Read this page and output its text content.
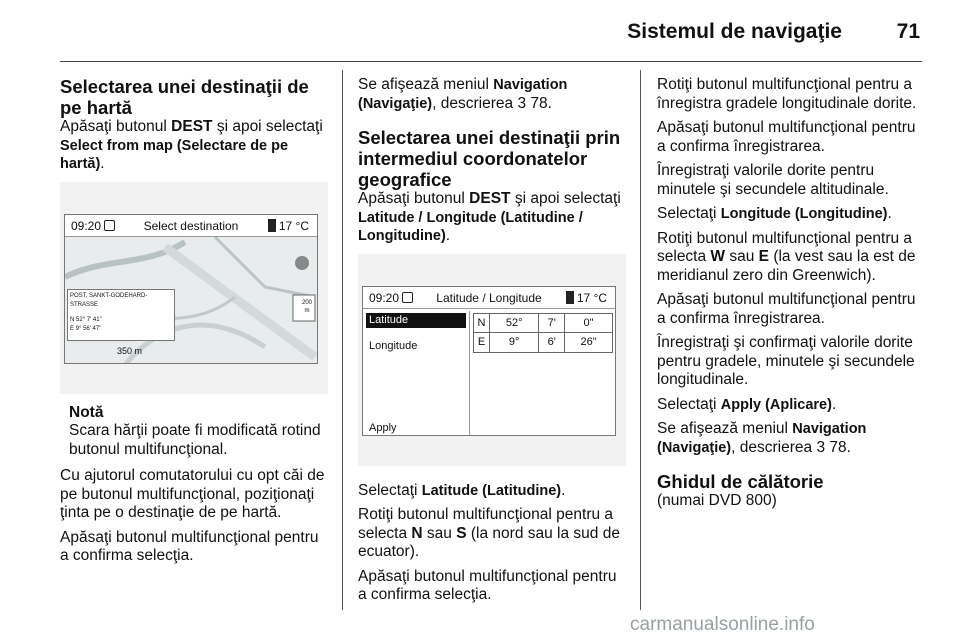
Sistemul de navigaţie	71
Selectarea unei destinaţii de pe hartă

Apăsaţi butonul DEST şi apoi selectaţi Select from map (Selectare de pe hartă).

09:20	Select destination	17 °C
POST, SANKT-GODEHARD-STRASSE
N 52° 7' 41"
E 9° 56' 47"
350 m
200
m
Notă
Scara hărţii poate fi modificată rotind butonul multifuncţional.

Cu ajutorul comutatorului cu opt căi de pe butonul multifuncţional, poziţionaţi ţinta pe o destinaţie de pe hartă.

Apăsaţi butonul multifuncţional pentru a confirma selecţia.

Se afişează meniul Navigation (Navigaţie), descrierea 3 78.

Selectarea unei destinaţii prin intermediul coordonatelor geografice

Apăsaţi butonul DEST şi apoi selectaţi Latitude / Longitude (Latitudine / Longitudine).

09:20	Latitude / Longitude	17 °C
Latitude
Longitude
Apply
N	52°	7'	0"
E	9°	6'	26"

Selectaţi Latitude (Latitudine).

Rotiţi butonul multifuncţional pentru a selecta N sau S (la nord sau la sud de ecuator).

Apăsaţi butonul multifuncţional pentru a confirma selecţia.

Rotiţi butonul multifuncţional pentru a înregistra gradele longitudinale dorite.

Apăsaţi butonul multifuncţional pentru a confirma înregistrarea.

Înregistraţi valorile dorite pentru minutele şi secundele altitudinale.

Selectaţi Longitude (Longitudine).

Rotiţi butonul multifuncţional pentru a selecta W sau E (la vest sau la est de meridianul zero din Greenwich).

Apăsaţi butonul multifuncţional pentru a confirma înregistrarea.

Înregistraţi şi confirmaţi valorile dorite pentru gradele, minutele şi secundele longitudinale.

Selectaţi Apply (Aplicare).

Se afişează meniul Navigation (Navigaţie), descrierea 3 78.

Ghidul de călătorie
(numai DVD 800)
carmanualsonline.info
